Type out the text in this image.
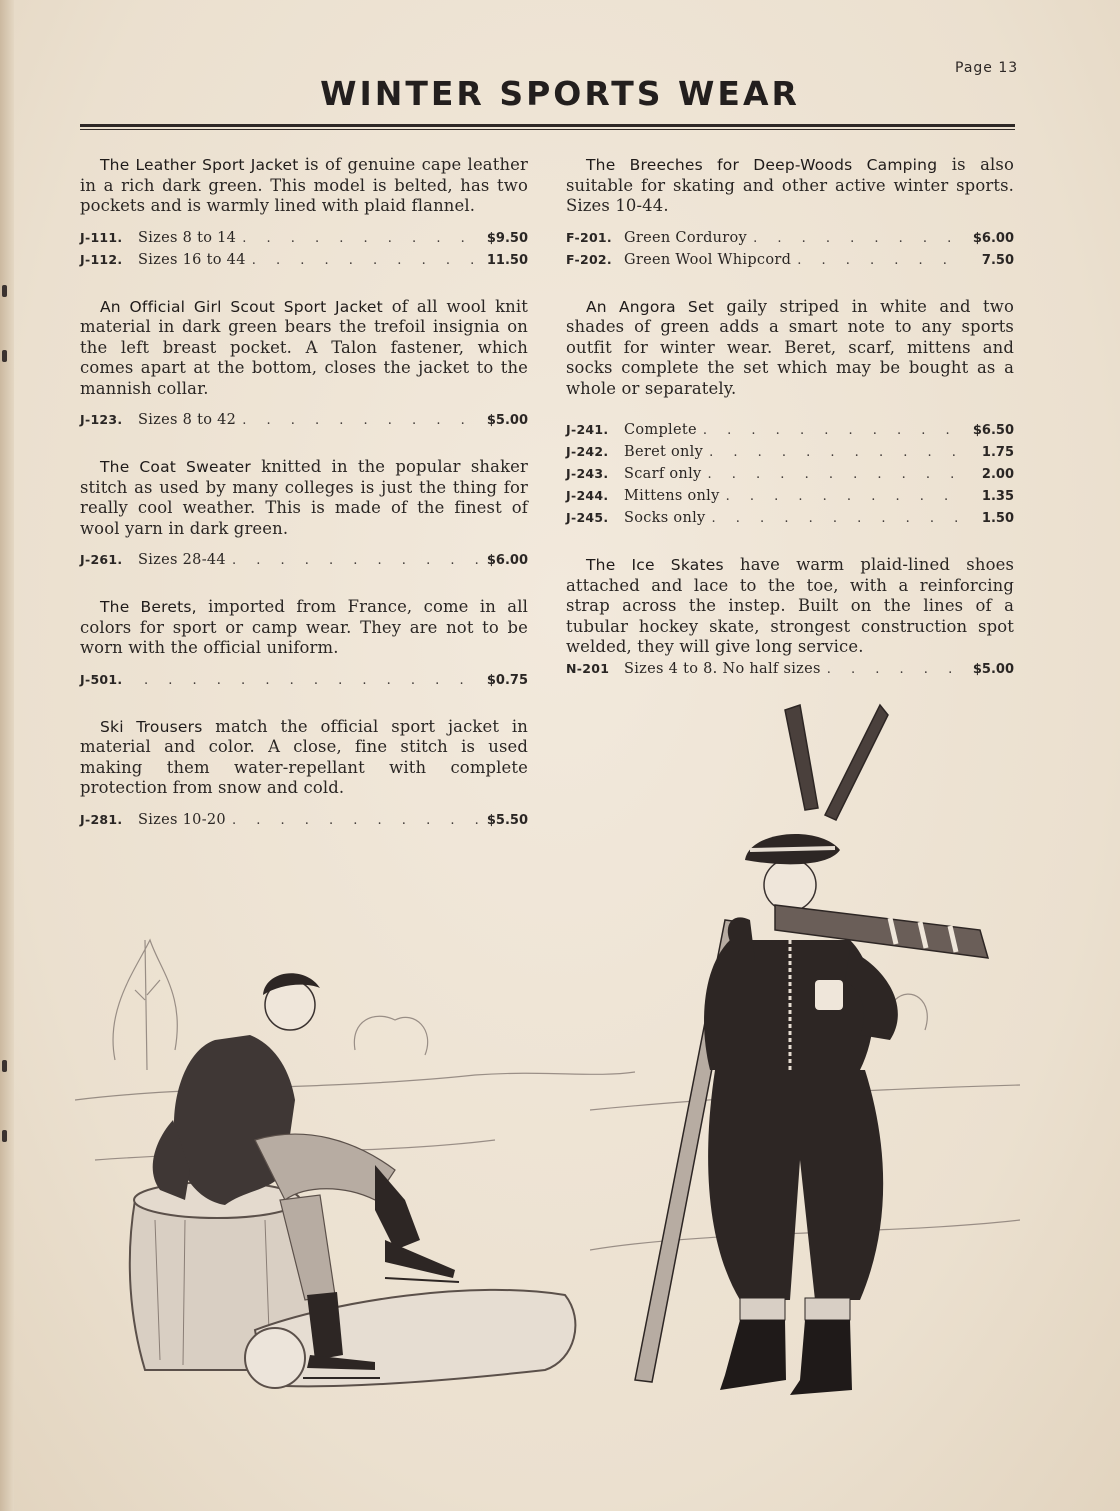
Page 13
WINTER SPORTS WEAR

The Leather Sport Jacket is of genuine cape leather in a rich dark green. This model is belted, has two pockets and is warmly lined with plaid flannel.

J-111.	Sizes 8 to 14 . . .	$9.50
J-112.	Sizes 16 to 44 . . .	11.50

An Official Girl Scout Sport Jacket of all wool knit material in dark green bears the trefoil insignia on the left breast pocket. A Talon fastener, which comes apart at the bottom, closes the jacket to the mannish collar.

J-123.	Sizes 8 to 42 . . .	$5.00

The Coat Sweater knitted in the popular shaker stitch as used by many colleges is just the thing for really cool weather. This is made of the finest of wool yarn in dark green.

J-261.	Sizes 28-44 . . .	$6.00

The Berets, imported from France, come in all colors for sport or camp wear. They are not to be worn with the official uniform.

J-501. . . .	$0.75

Ski Trousers match the official sport jacket in material and color. A close, fine stitch is used making them water-repellant with complete protection from snow and cold.

J-281.	Sizes 10-20 . . .	$5.50

The Breeches for Deep-Woods Camping is also suitable for skating and other active winter sports. Sizes 10-44.

F-201. Green Corduroy . . .	$6.00
F-202. Green Wool Whipcord . . .	7.50

An Angora Set gaily striped in white and two shades of green adds a smart note to any sports outfit for winter wear. Beret, scarf, mittens and socks complete the set which may be bought as a whole or separately.

J-241.	Complete . . .	$6.50
J-242.	Beret only . . .	1.75
J-243.	Scarf only . . .	2.00
J-244.	Mittens only . . .	1.35
J-245.	Socks only . . .	1.50

The Ice Skates have warm plaid-lined shoes attached and lace to the toe, with a reinforcing strap across the instep. Built on the lines of a tubular hockey skate, strongest construction spot welded, they will give long service.

N-201	Sizes 4 to 8. No half sizes . . .	$5.00
